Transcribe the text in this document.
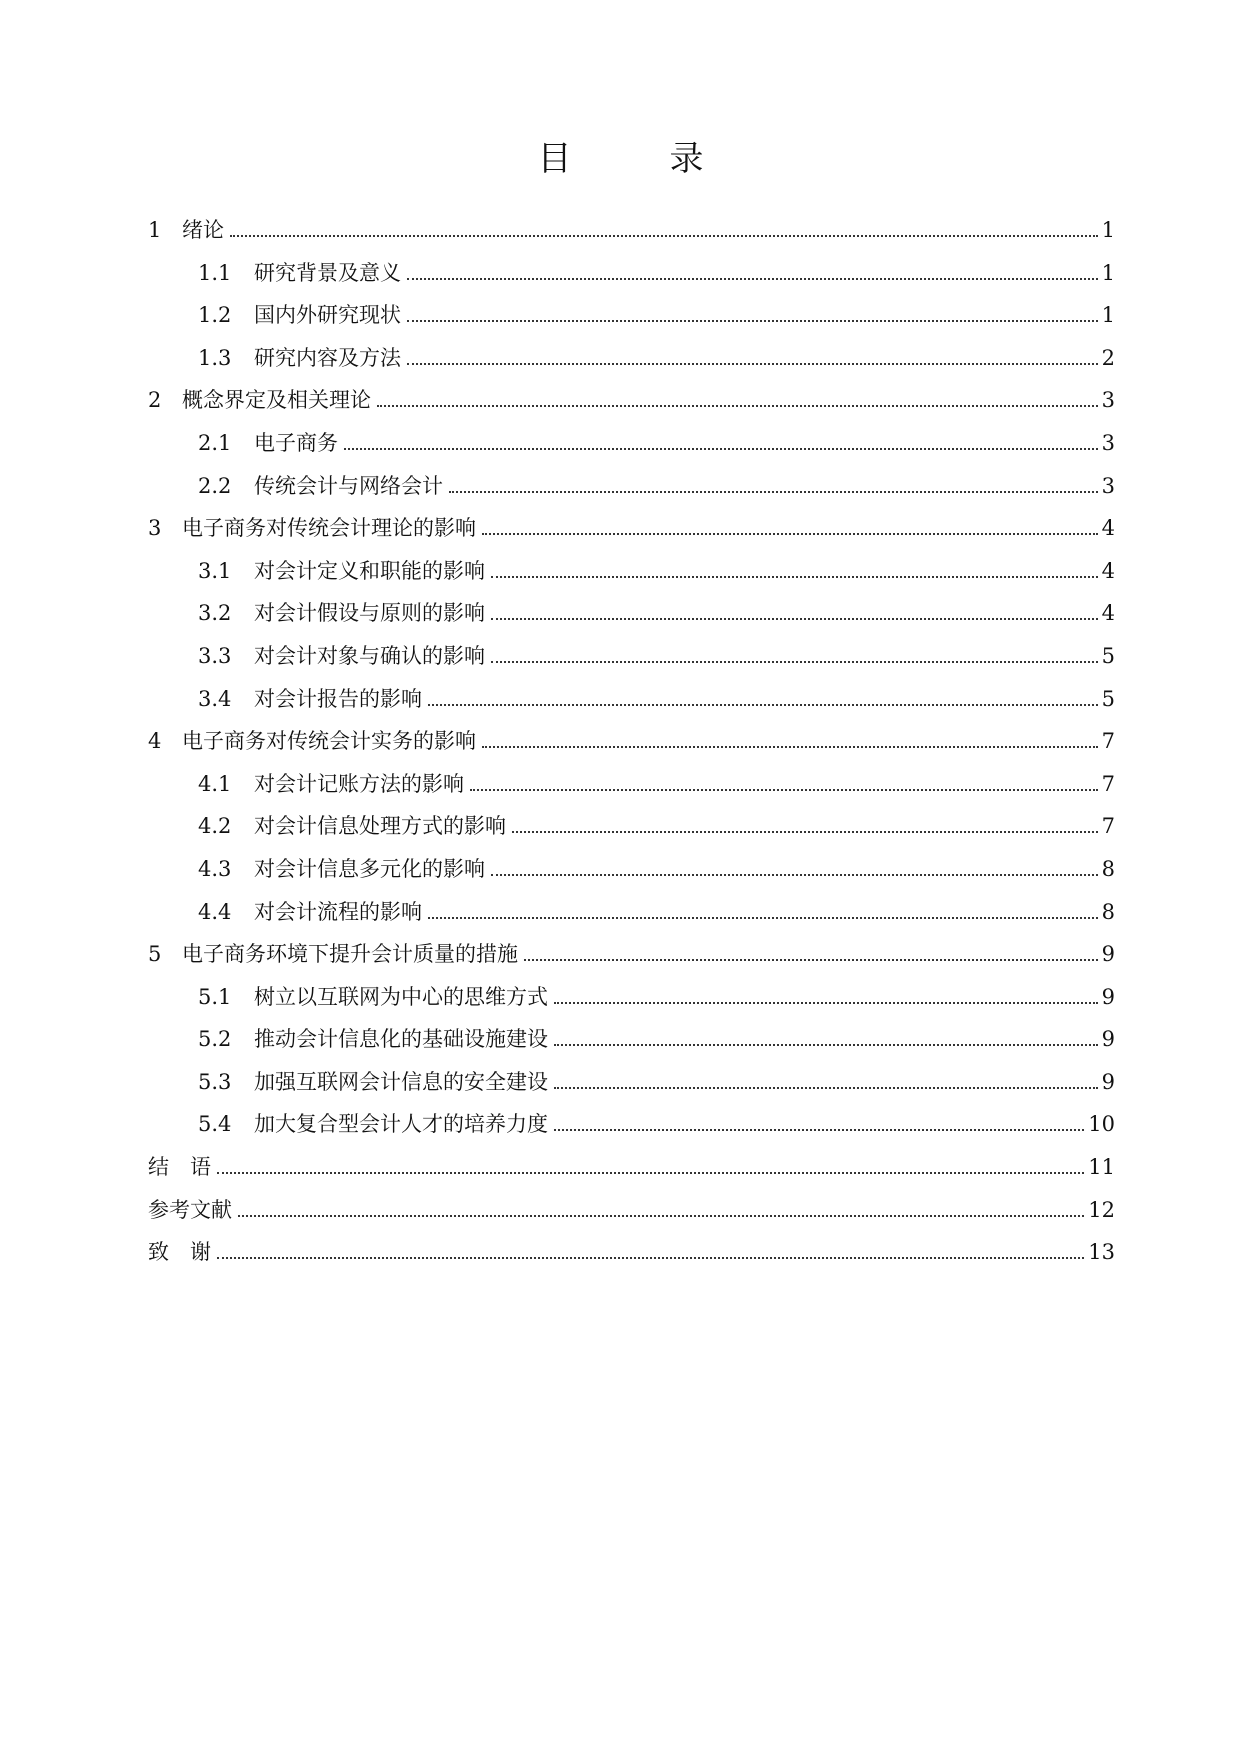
目　录
1 绪论	1
1.1	研究背景及意义	1
1.2	国内外研究现状	1
1.3	研究内容及方法	2
2 概念界定及相关理论	3
2.1	电子商务	3
2.2	传统会计与网络会计	3
3 电子商务对传统会计理论的影响	4
3.1	对会计定义和职能的影响	4
3.2	对会计假设与原则的影响	4
3.3	对会计对象与确认的影响	5
3.4	对会计报告的影响	5
4 电子商务对传统会计实务的影响	7
4.1	对会计记账方法的影响	7
4.2	对会计信息处理方式的影响	7
4.3	对会计信息多元化的影响	8
4.4	对会计流程的影响	8
5 电子商务环境下提升会计质量的措施	9
5.1	树立以互联网为中心的思维方式	9
5.2	推动会计信息化的基础设施建设	9
5.3	加强互联网会计信息的安全建设	9
5.4	加大复合型会计人才的培养力度	10
结　语	11
参考文献	12
致　谢	13
